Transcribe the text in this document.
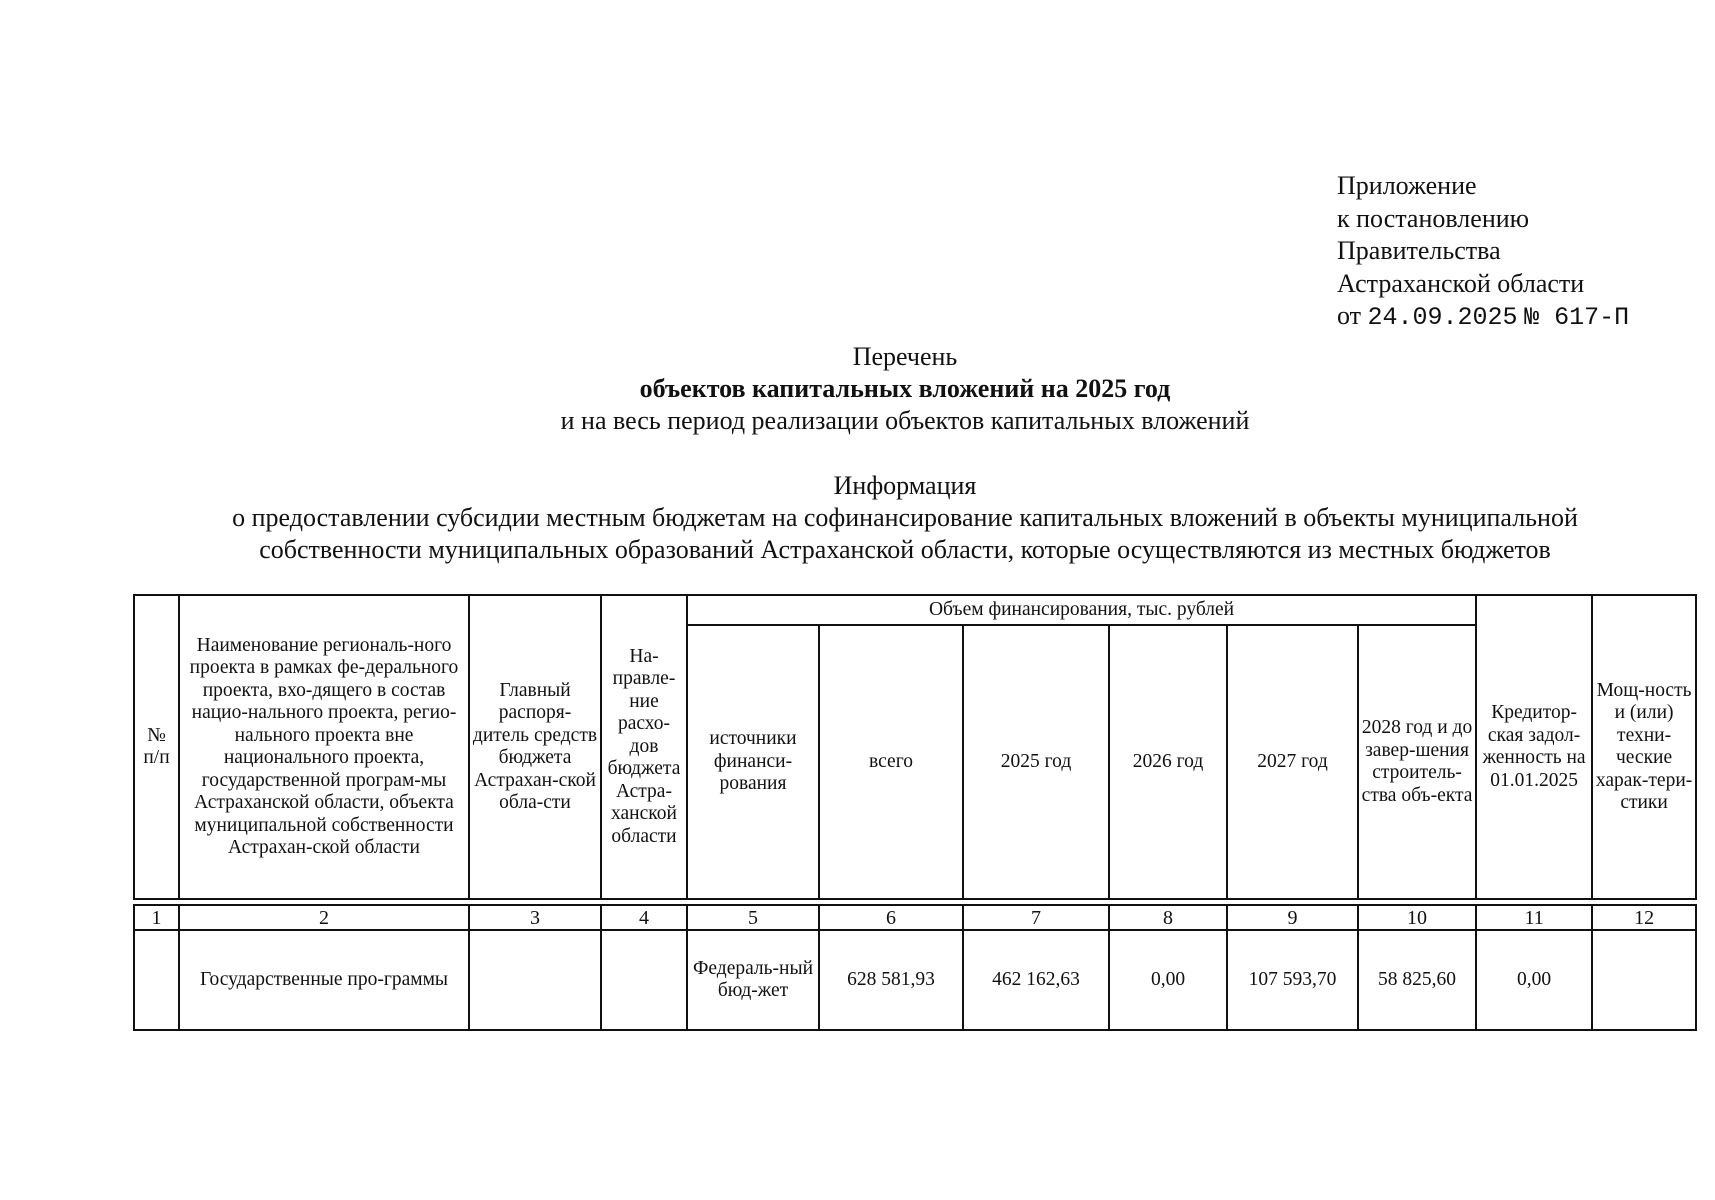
Приложение
к постановлению
Правительства
Астраханской области
от 24.09.2025 № 617-П
Перечень
объектов капитальных вложений на 2025 год
и на весь период реализации объектов капитальных вложений
Информация
о предоставлении субсидии местным бюджетам на софинансирование капитальных вложений в объекты муниципальной
собственности муниципальных образований Астраханской области, которые осуществляются из местных бюджетов
№ п/п	Наименование региональ-ного проекта в рамках фе-дерального проекта, вхо-дящего в состав нацио-нального проекта, регио-нального проекта вне национального проекта, государственной програм-мы Астраханской области, объекта муниципальной собственности Астрахан-ской области	Главный распоря-дитель средств бюджета Астрахан-ской обла-сти	На-правле-ние расхо-дов бюджета Астра-ханской области	Объем финансирования, тыс. рублей						Кредитор-ская задол-женность на 01.01.2025	Мощ-ность и (или) техни-ческие харак-тери-стики
				источники финанси-рования	всего	2025 год	2026 год	2027 год	2028 год и до завер-шения строитель-ства объ-екта		

1	2	3	4	5	6	7	8	9	10	11	12
	Государственные про-граммы			Федераль-ный бюд-жет	628 581,93	462 162,63	0,00	107 593,70	58 825,60	0,00	
